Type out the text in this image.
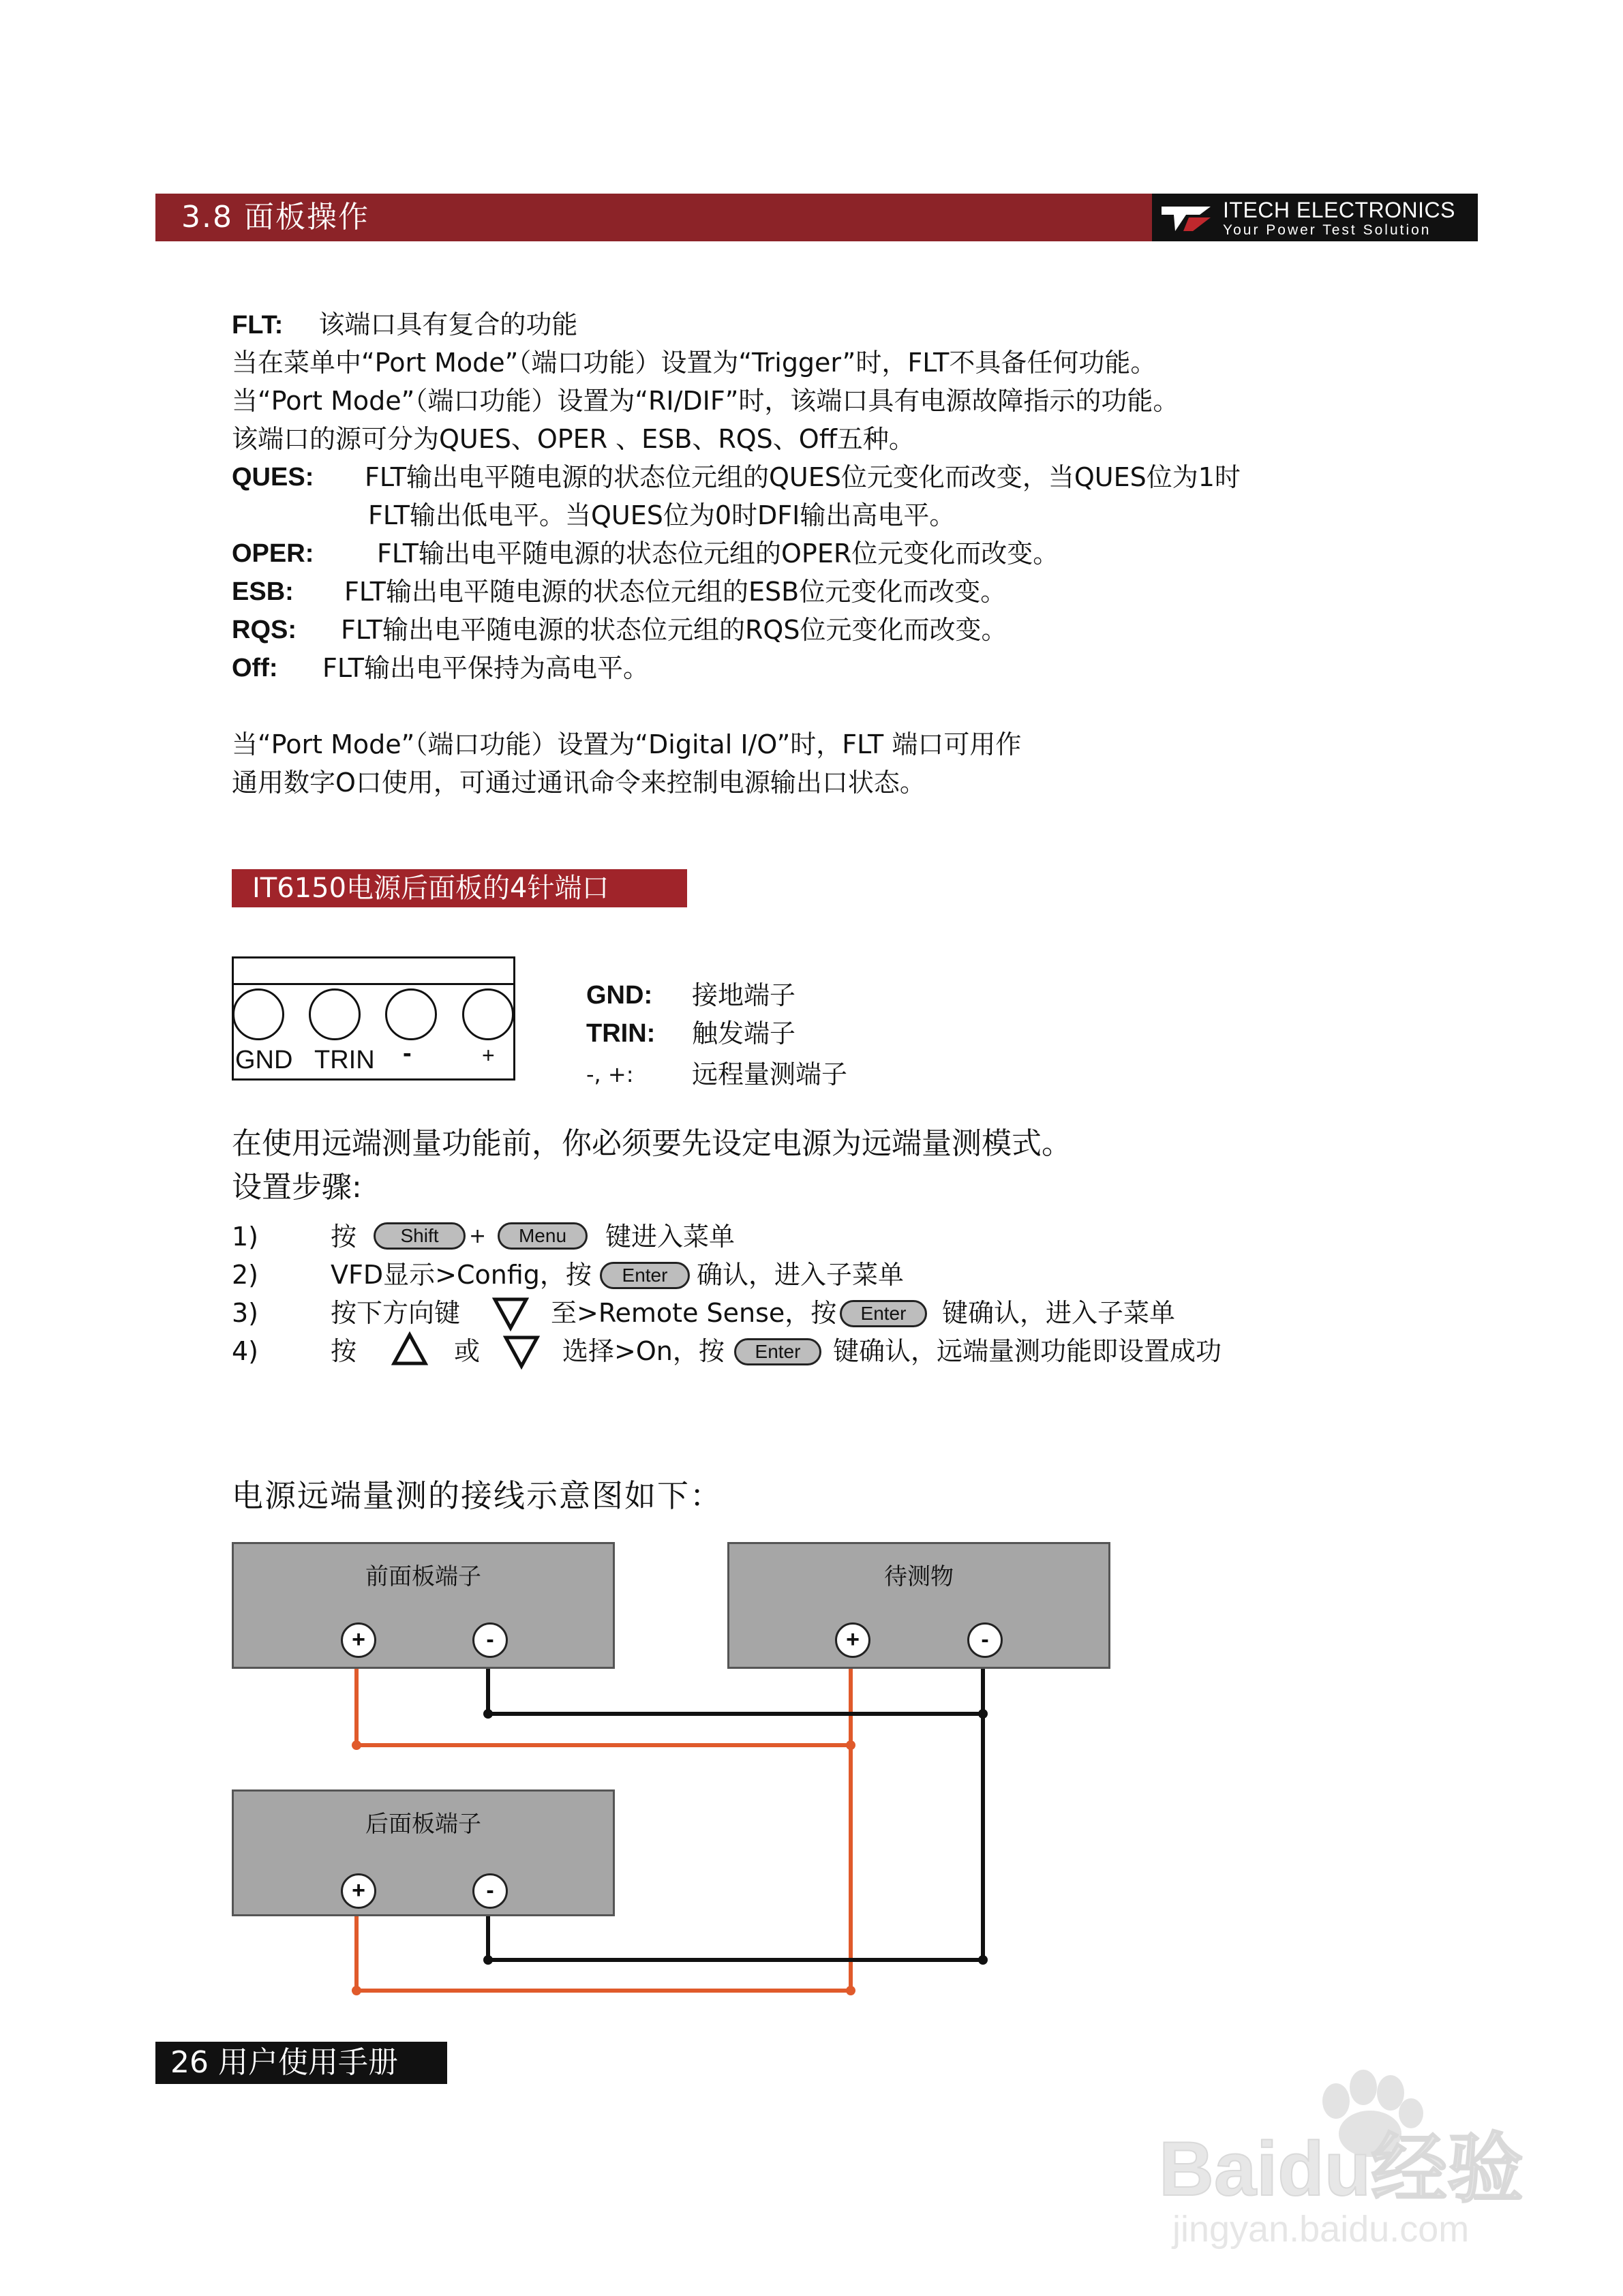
3.8 面板操作	ITECH ELECTRONICS
Your Power Test Solution
FLT: 该端口具有复合的功能
当在菜单中“Port Mode”（端口功能）设置为“Trigger”时，FLT不具备任何功能。
当“Port Mode”（端口功能）设置为“RI/DIF”时，该端口具有电源故障指示的功能。
该端口的源可分为QUES、OPER 、ESB、RQS、Off五种。
QUES: FLT输出电平随电源的状态位元组的QUES位元变化而改变，当QUES位为1时
FLT输出低电平。当QUES位为0时DFI输出高电平。
OPER: FLT输出电平随电源的状态位元组的OPER位元变化而改变。
ESB: FLT输出电平随电源的状态位元组的ESB位元变化而改变。
RQS: FLT输出电平随电源的状态位元组的RQS位元变化而改变。
Off: FLT输出电平保持为高电平。
当“Port Mode”（端口功能）设置为“Digital I/O”时，FLT 端口可用作
通用数字O口使用，可通过通讯命令来控制电源输出口状态。
IT6150电源后面板的4针端口
GND TRIN -	+
GND: 接地端子
TRIN: 触发端子
-, +: 远程量测端子
在使用远端测量功能前，你必须要先设定电源为远端量测模式。
设置步骤:
1)	按	Shift	+	Menu	键进入菜单
2)	VFD显示>Config，按	Enter	确认，进入子菜单
3)	按下方向键	至>Remote Sense，按	Enter	键确认，进入子菜单
4)	按	或	选择>On，按	Enter	键确认，远端量测功能即设置成功
电源远端量测的接线示意图如下：
前面板端子
+	-
待测物
+	-
后面板端子
+	-
26 用户使用手册
Baidu经验
jingyan.baidu.com
